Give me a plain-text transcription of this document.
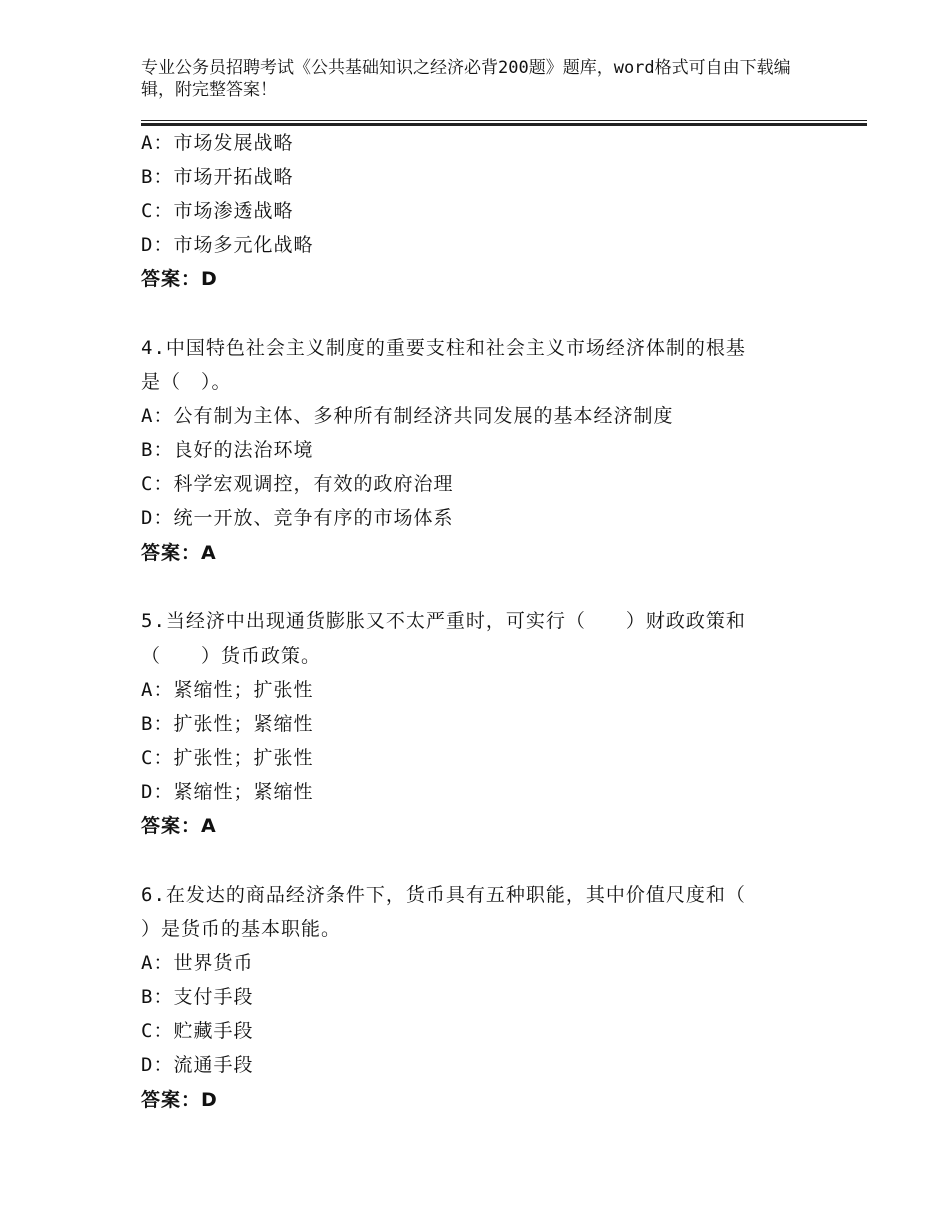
专业公务员招聘考试《公共基础知识之经济必背200题》题库，word格式可自由下载编辑，附完整答案！
A：市场发展战略
B：市场开拓战略
C：市场渗透战略
D：市场多元化战略
答案：D
4.中国特色社会主义制度的重要支柱和社会主义市场经济体制的根基
是（　）。
A：公有制为主体、多种所有制经济共同发展的基本经济制度
B：良好的法治环境
C：科学宏观调控，有效的政府治理
D：统一开放、竞争有序的市场体系
答案：A
5.当经济中出现通货膨胀又不太严重时，可实行（　　）财政政策和
（　　）货币政策。
A：紧缩性；扩张性
B：扩张性；紧缩性
C：扩张性；扩张性
D：紧缩性；紧缩性
答案：A
6.在发达的商品经济条件下，货币具有五种职能，其中价值尺度和（
）是货币的基本职能。
A：世界货币
B：支付手段
C：贮藏手段
D：流通手段
答案：D
